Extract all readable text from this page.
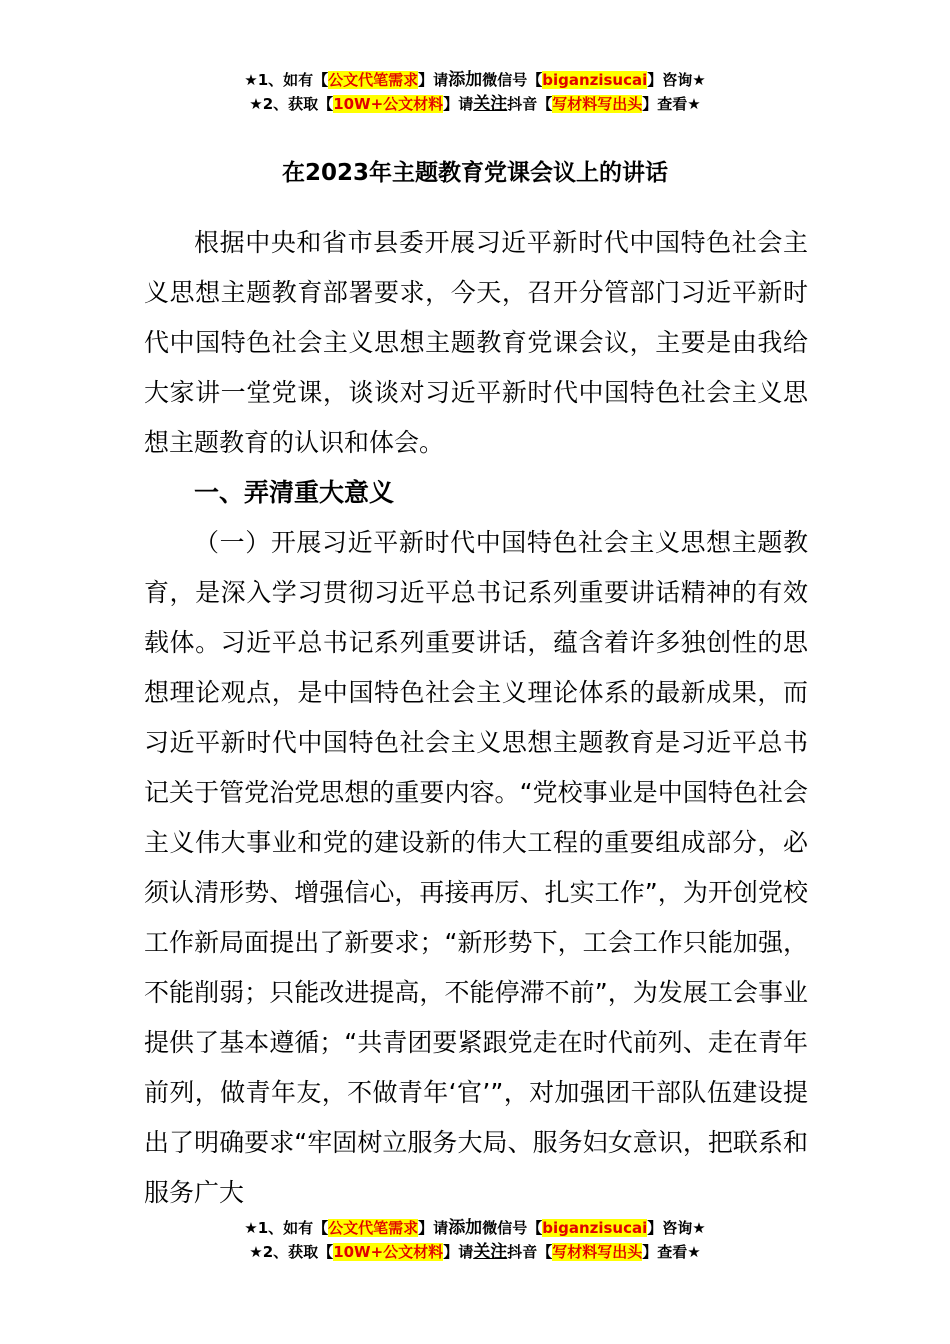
★1、如有【公文代笔需求】请添加微信号【biganzisucai】咨询★
★2、获取【10W+公文材料】请关注抖音【写材料写出头】查看★
在2023年主题教育党课会议上的讲话

根据中央和省市县委开展习近平新时代中国特色社会主义思想主题教育部署要求，今天，召开分管部门习近平新时代中国特色社会主义思想主题教育党课会议，主要是由我给大家讲一堂党课，谈谈对习近平新时代中国特色社会主义思想主题教育的认识和体会。

一、弄清重大意义

（一）开展习近平新时代中国特色社会主义思想主题教育，是深入学习贯彻习近平总书记系列重要讲话精神的有效载体。习近平总书记系列重要讲话，蕴含着许多独创性的思想理论观点，是中国特色社会主义理论体系的最新成果，而习近平新时代中国特色社会主义思想主题教育是习近平总书记关于管党治党思想的重要内容。“党校事业是中国特色社会主义伟大事业和党的建设新的伟大工程的重要组成部分，必须认清形势、增强信心，再接再厉、扎实工作”，为开创党校工作新局面提出了新要求；“新形势下，工会工作只能加强，不能削弱；只能改进提高，不能停滞不前”，为发展工会事业提供了基本遵循；“共青团要紧跟党走在时代前列、走在青年前列，做青年友，不做青年‘官’”，对加强团干部队伍建设提出了明确要求“牢固树立服务大局、服务妇女意识，把联系和服务广大

★1、如有【公文代笔需求】请添加微信号【biganzisucai】咨询★
★2、获取【10W+公文材料】请关注抖音【写材料写出头】查看★
